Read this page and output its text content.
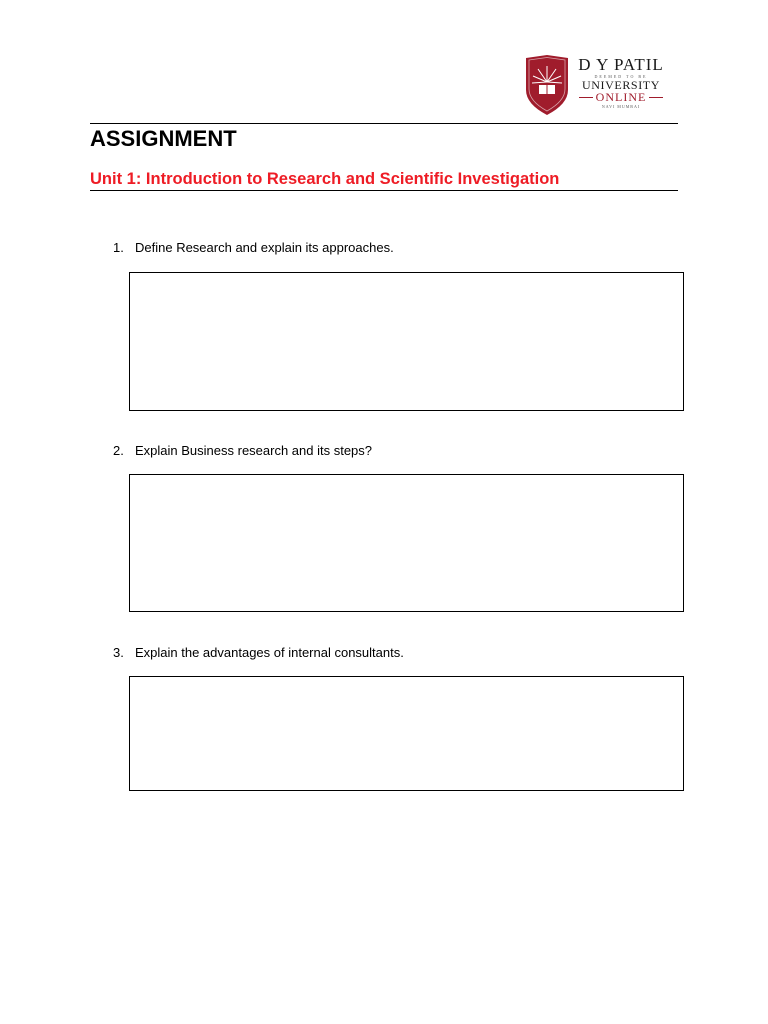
D Y PATIL
DEEMED TO BE
UNIVERSITY
ONLINE
NAVI MUMBAI
ASSIGNMENT
Unit 1: Introduction to Research and Scientific Investigation
1. Define Research and explain its approaches.
2. Explain Business research and its steps?
3. Explain the advantages of internal consultants.
